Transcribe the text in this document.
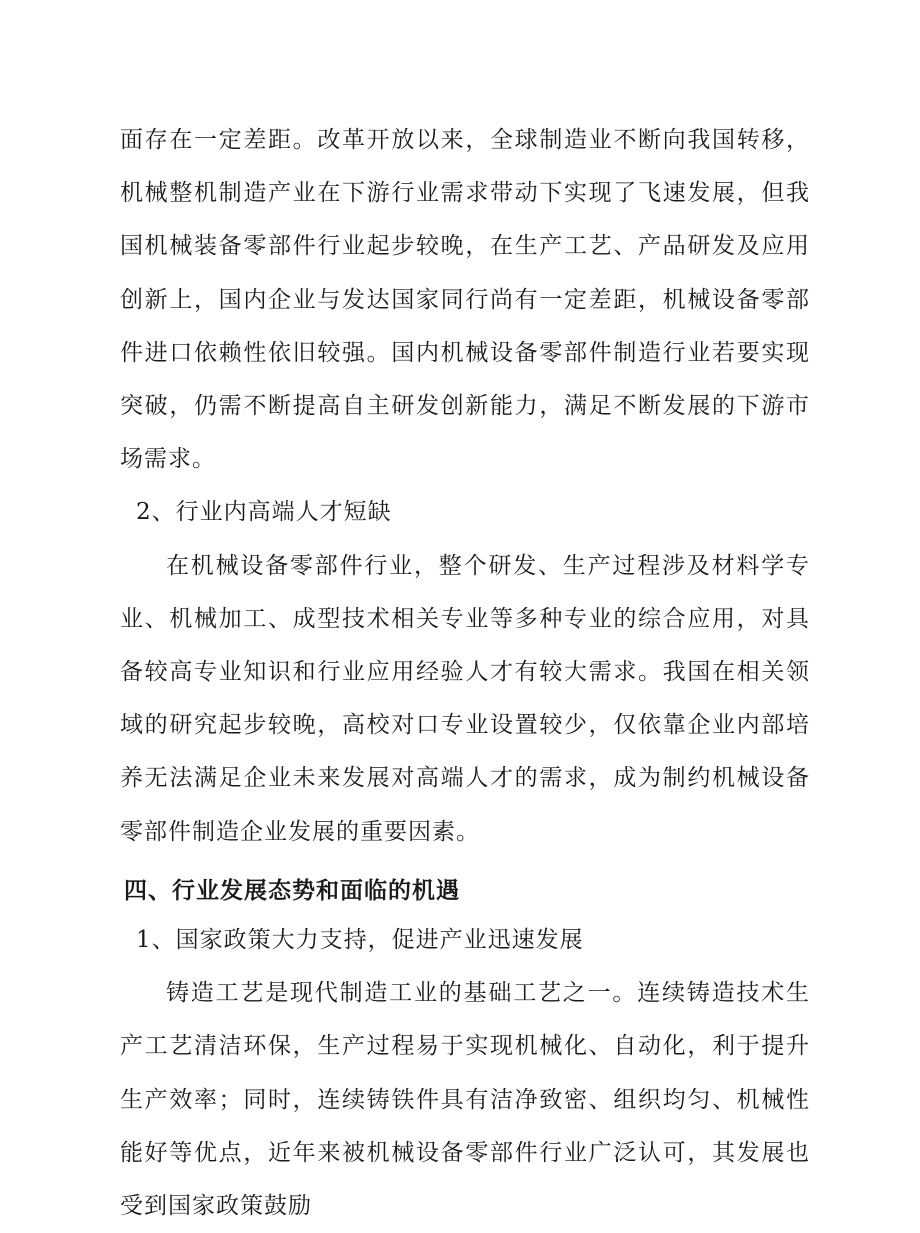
面存在一定差距。改革开放以来，全球制造业不断向我国转移，机械整机制造产业在下游行业需求带动下实现了飞速发展，但我国机械装备零部件行业起步较晚，在生产工艺、产品研发及应用创新上，国内企业与发达国家同行尚有一定差距，机械设备零部件进口依赖性依旧较强。国内机械设备零部件制造行业若要实现突破，仍需不断提高自主研发创新能力，满足不断发展的下游市场需求。

2、行业内高端人才短缺

在机械设备零部件行业，整个研发、生产过程涉及材料学专业、机械加工、成型技术相关专业等多种专业的综合应用，对具备较高专业知识和行业应用经验人才有较大需求。我国在相关领域的研究起步较晚，高校对口专业设置较少，仅依靠企业内部培养无法满足企业未来发展对高端人才的需求，成为制约机械设备零部件制造企业发展的重要因素。

四、行业发展态势和面临的机遇

1、国家政策大力支持，促进产业迅速发展

铸造工艺是现代制造工业的基础工艺之一。连续铸造技术生产工艺清洁环保，生产过程易于实现机械化、自动化，利于提升生产效率；同时，连续铸铁件具有洁净致密、组织均匀、机械性能好等优点，近年来被机械设备零部件行业广泛认可，其发展也受到国家政策鼓励
